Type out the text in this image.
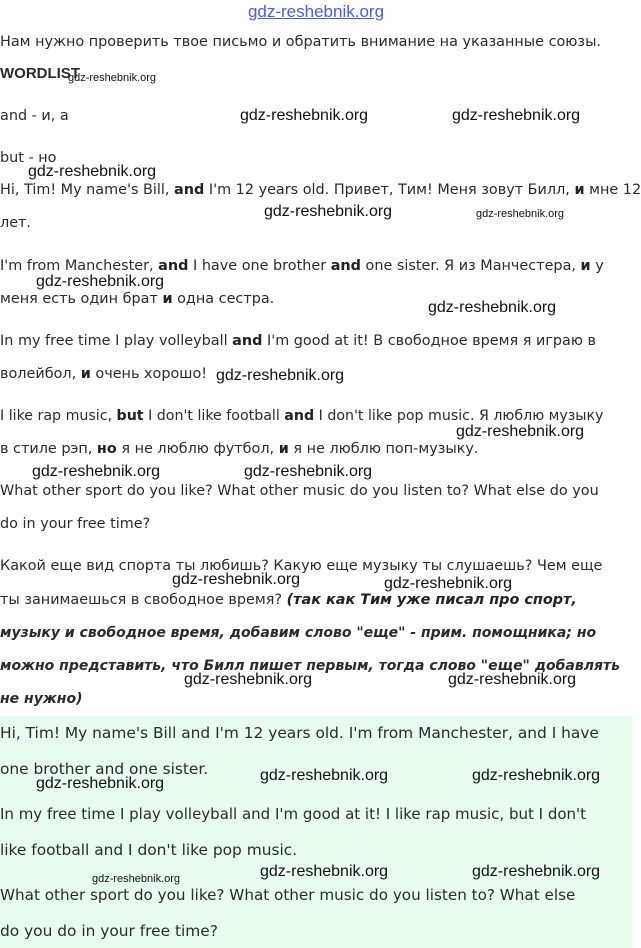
gdz-reshebnik.org
Нам нужно проверить твое письмо и обратить внимание на указанные союзы.
WORDLIST
and - и, а
but - но
Hi, Tim! My name's Bill, and I'm 12 years old. Привет, Тим! Меня зовут Билл, и мне 12
лет.
I'm from Manchester, and I have one brother and one sister. Я из Манчестера, и у
меня есть один брат и одна сестра.
In my free time I play volleyball and I'm good at it! В свободное время я играю в
волейбол, и очень хорошо!
I like rap music, but I don't like football and I don't like pop music. Я люблю музыку
в стиле рэп, но я не люблю футбол, и я не люблю поп-музыку.
What other sport do you like? What other music do you listen to? What else do you
do in your free time?
Какой еще вид спорта ты любишь? Какую еще музыку ты слушаешь? Чем еще
ты занимаешься в свободное время? (так как Тим уже писал про спорт,
музыку и свободное время, добавим слово "еще" - прим. помощника; но
можно представить, что Билл пишет первым, тогда слово "еще" добавлять
не нужно)
Hi, Tim! My name's Bill and I'm 12 years old. I'm from Manchester, and I have
one brother and one sister.
In my free time I play volleyball and I'm good at it! I like rap music, but I don't
like football and I don't like pop music.
What other sport do you like? What other music do you listen to? What else
do you do in your free time?
gdz-reshebnik.org
gdz-reshebnik.org	gdz-reshebnik.org
gdz-reshebnik.org
gdz-reshebnik.org	gdz-reshebnik.org
gdz-reshebnik.org
gdz-reshebnik.org
gdz-reshebnik.org
gdz-reshebnik.org
gdz-reshebnik.org	gdz-reshebnik.org
gdz-reshebnik.org	gdz-reshebnik.org
gdz-reshebnik.org	gdz-reshebnik.org
gdz-reshebnik.org	gdz-reshebnik.org	gdz-reshebnik.org
gdz-reshebnik.org	gdz-reshebnik.org	gdz-reshebnik.org
